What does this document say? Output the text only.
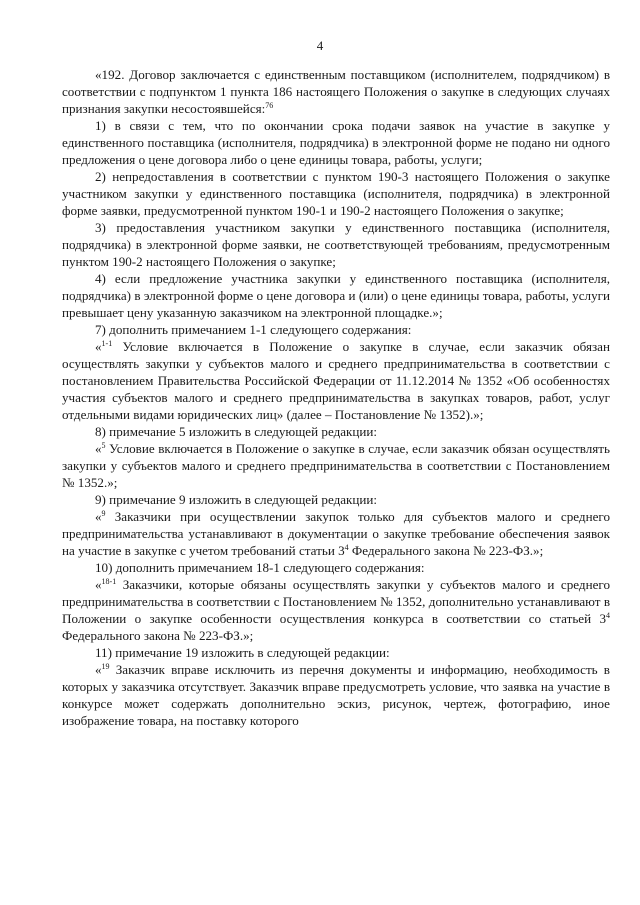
4

«192. Договор заключается с единственным поставщиком (исполнителем, подрядчиком) в соответствии с подпунктом 1 пункта 186 настоящего Положения о закупке в следующих случаях признания закупки несостоявшейся:$^{76}$

1) в связи с тем, что по окончании срока подачи заявок на участие в закупке у единственного поставщика (исполнителя, подрядчика) в электронной форме не подано ни одного предложения о цене договора либо о цене единицы товара, работы, услуги;

2) непредоставления в соответствии с пунктом 190-3 настоящего Положения о закупке участником закупки у единственного поставщика (исполнителя, подрядчика) в электронной форме заявки, предусмотренной пунктом 190-1 и 190-2 настоящего Положения о закупке;

3) предоставления участником закупки у единственного поставщика (исполнителя, подрядчика) в электронной форме заявки, не соответствующей требованиям, предусмотренным пунктом 190-2 настоящего Положения о закупке;

4) если предложение участника закупки у единственного поставщика (исполнителя, подрядчика) в электронной форме о цене договора и (или) о цене единицы товара, работы, услуги превышает цену указанную заказчиком на электронной площадке.»;

7) дополнить примечанием 1-1 следующего содержания:

«$^{1-1}$ Условие включается в Положение о закупке в случае, если заказчик обязан осуществлять закупки у субъектов малого и среднего предпринимательства в соответствии с постановлением Правительства Российской Федерации от 11.12.2014 № 1352 «Об особенностях участия субъектов малого и среднего предпринимательства в закупках товаров, работ, услуг отдельными видами юридических лиц» (далее – Постановление № 1352).»;

8) примечание 5 изложить в следующей редакции:

«$^5$ Условие включается в Положение о закупке в случае, если заказчик обязан осуществлять закупки у субъектов малого и среднего предпринимательства в соответствии с Постановлением № 1352.»;

9) примечание 9 изложить в следующей редакции:

«$^9$ Заказчики при осуществлении закупок только для субъектов малого и среднего предпринимательства устанавливают в документации о закупке требование обеспечения заявок на участие в закупке с учетом требований статьи $3^4$ Федерального закона № 223-ФЗ.»;

10) дополнить примечанием 18-1 следующего содержания:

«$^{18-1}$ Заказчики, которые обязаны осуществлять закупки у субъектов малого и среднего предпринимательства в соответствии с Постановлением № 1352, дополнительно устанавливают в Положении о закупке особенности осуществления конкурса в соответствии со статьей $3^4$ Федерального закона № 223-ФЗ.»;

11) примечание 19 изложить в следующей редакции:

«$^{19}$ Заказчик вправе исключить из перечня документы и информацию, необходимость в которых у заказчика отсутствует. Заказчик вправе предусмотреть условие, что заявка на участие в конкурсе может содержать дополнительно эскиз, рисунок, чертеж, фотографию, иное изображение товара, на поставку которого
